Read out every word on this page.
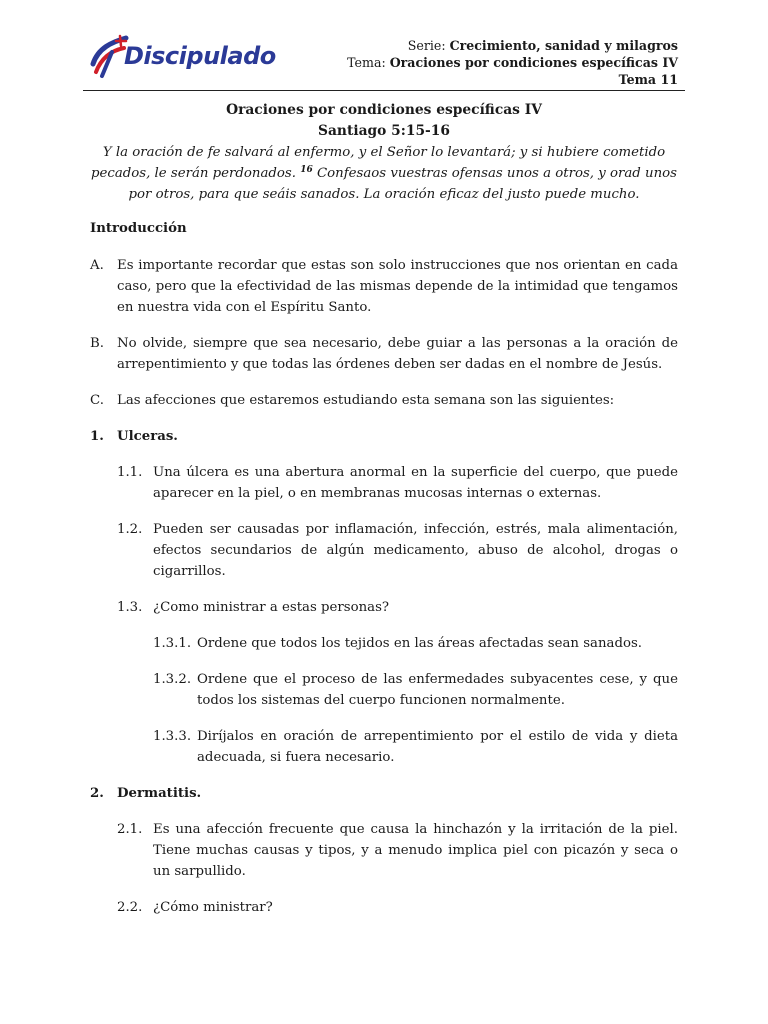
Discipulado	Serie: Crecimiento, sanidad y milagros
Tema: Oraciones por condiciones específicas IV
Tema 11
Oraciones por condiciones específicas IV
Santiago 5:15-16
Y la oración de fe salvará al enfermo, y el Señor lo levantará; y si hubiere cometido pecados, le serán perdonados. $^{16}$ Confesaos vuestras ofensas unos a otros, y orad unos por otros, para que seáis sanados. La oración eficaz del justo puede mucho.

Introducción

A. Es importante recordar que estas son solo instrucciones que nos orientan en cada caso, pero que la efectividad de las mismas depende de la intimidad que tengamos en nuestra vida con el Espíritu Santo.
B. No olvide, siempre que sea necesario, debe guiar a las personas a la oración de arrepentimiento y que todas las órdenes deben ser dadas en el nombre de Jesús.
C. Las afecciones que estaremos estudiando esta semana son las siguientes:
1. Ulceras.
1.1. Una úlcera es una abertura anormal en la superficie del cuerpo, que puede aparecer en la piel, o en membranas mucosas internas o externas.
1.2. Pueden ser causadas por inflamación, infección, estrés, mala alimentación, efectos secundarios de algún medicamento, abuso de alcohol, drogas o cigarrillos.
1.3. ¿Como ministrar a estas personas?
1.3.1. Ordene que todos los tejidos en las áreas afectadas sean sanados.
1.3.2. Ordene que el proceso de las enfermedades subyacentes cese, y que todos los sistemas del cuerpo funcionen normalmente.
1.3.3. Diríjalos en oración de arrepentimiento por el estilo de vida y dieta adecuada, si fuera necesario.
2. Dermatitis.
2.1. Es una afección frecuente que causa la hinchazón y la irritación de la piel. Tiene muchas causas y tipos, y a menudo implica piel con picazón y seca o un sarpullido.
2.2. ¿Cómo ministrar?
